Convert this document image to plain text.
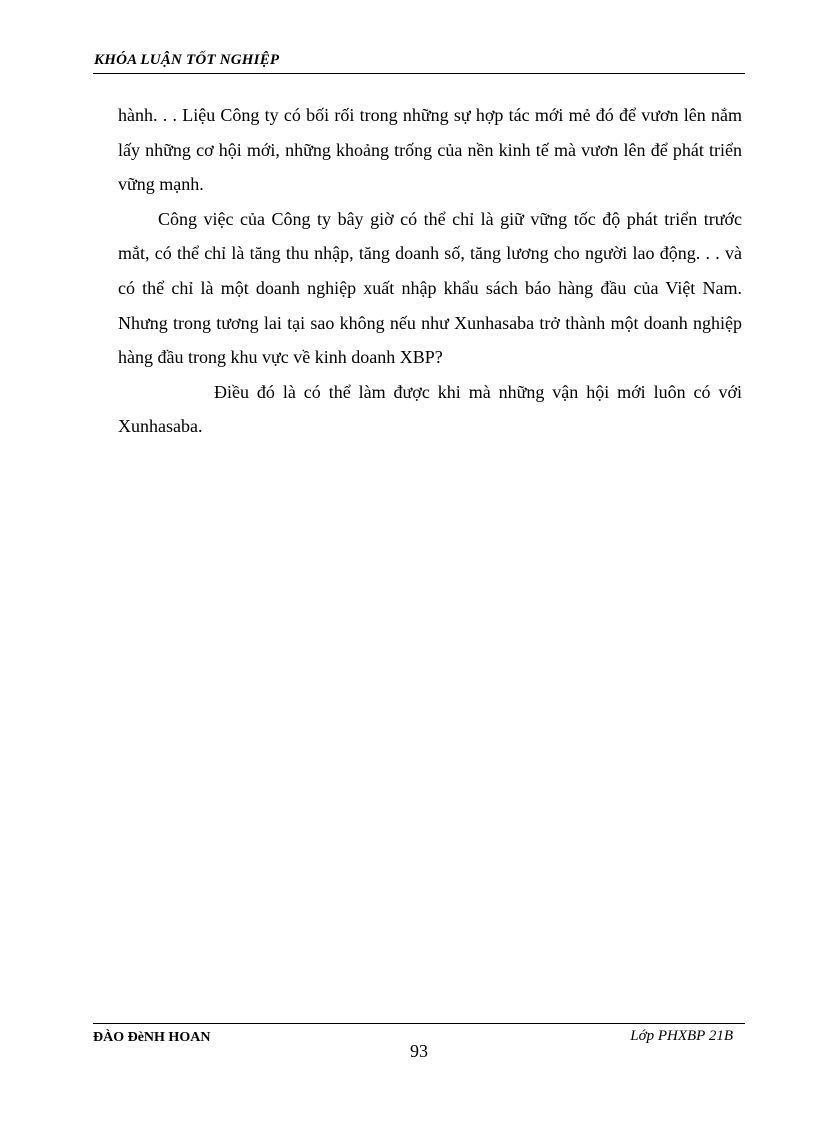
KHÓA LUẬN TỐT NGHIỆP

hành. . . Liệu Công ty có bối rối trong những sự hợp tác mới mẻ đó để vươn lên nắm lấy những cơ hội mới, những khoảng trống của nền kinh tế mà vươn lên để phát triển vững mạnh.

Công việc của Công ty bây giờ có thể chỉ là giữ vững tốc độ phát triển trước mắt, có thể chỉ là tăng thu nhập, tăng doanh số, tăng lương cho người lao động. . . và có thể chỉ là một doanh nghiệp xuất nhập khẩu sách báo hàng đầu của Việt Nam. Nhưng trong tương lai tại sao không nếu như Xunhasaba trở thành một doanh nghiệp hàng đầu trong khu vực về kinh doanh XBP?

Điều đó là có thể làm được khi mà những vận hội mới luôn có với Xunhasaba.

ĐÀO ĐèNH HOAN
93
Lớp PHXBP 21B
